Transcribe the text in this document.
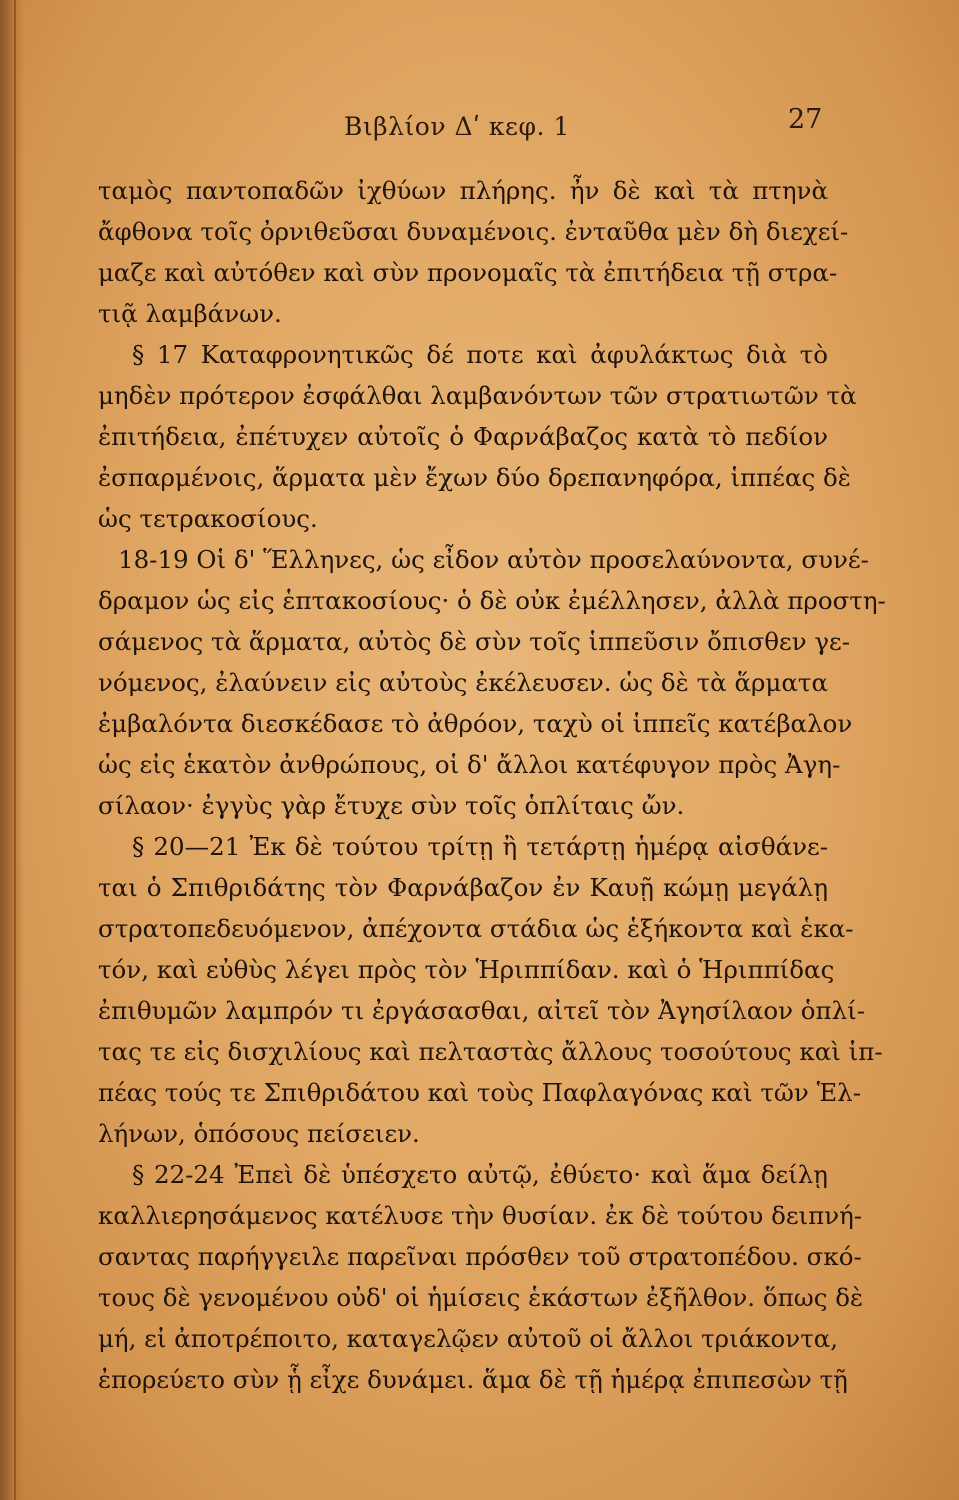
Βιβλίον Δʹ κεφ. 1	27
ταμὸς παντοπαδῶν ἰχθύων πλήρης. ἦν δὲ καὶ τὰ πτηνὰ
ἄφθονα τοῖς ὀρνιθεῦσαι δυναμένοις. ἐνταῦθα μὲν δὴ διεχεί-
μαζε καὶ αὐτόθεν καὶ σὺν προνομαῖς τὰ ἐπιτήδεια τῇ στρα-
τιᾷ λαμβάνων.
§ 17 Καταφρονητικῶς δέ ποτε καὶ ἀφυλάκτως διὰ τὸ
μηδὲν πρότερον ἐσφάλθαι λαμβανόντων τῶν στρατιωτῶν τὰ
ἐπιτήδεια, ἐπέτυχεν αὐτοῖς ὁ Φαρνάβαζος κατὰ τὸ πεδίον
ἐσπαρμένοις, ἅρματα μὲν ἔχων δύο δρεπανηφόρα, ἱππέας δὲ
ὡς τετρακοσίους.
18-19 Οἱ δ' Ἕλληνες, ὡς εἶδον αὐτὸν προσελαύνοντα, συνέ-
δραμον ὡς εἰς ἑπτακοσίους· ὁ δὲ οὐκ ἐμέλλησεν, ἀλλὰ προστη-
σάμενος τὰ ἅρματα, αὐτὸς δὲ σὺν τοῖς ἱππεῦσιν ὄπισθεν γε-
νόμενος, ἐλαύνειν εἰς αὐτοὺς ἐκέλευσεν. ὡς δὲ τὰ ἅρματα
ἐμβαλόντα διεσκέδασε τὸ ἀθρόον, ταχὺ οἱ ἱππεῖς κατέβαλον
ὡς εἰς ἑκατὸν ἀνθρώπους, οἱ δ' ἄλλοι κατέφυγον πρὸς Ἀγη-
σίλαον· ἐγγὺς γὰρ ἔτυχε σὺν τοῖς ὁπλίταις ὤν.
§ 20—21 Ἐκ δὲ τούτου τρίτῃ ἢ τετάρτῃ ἡμέρᾳ αἰσθάνε-
ται ὁ Σπιθριδάτης τὸν Φαρνάβαζον ἐν Καυῇ κώμῃ μεγάλῃ
στρατοπεδευόμενον, ἀπέχοντα στάδια ὡς ἑξήκοντα καὶ ἑκα-
τόν, καὶ εὐθὺς λέγει πρὸς τὸν Ἡριππίδαν. καὶ ὁ Ἡριππίδας
ἐπιθυμῶν λαμπρόν τι ἐργάσασθαι, αἰτεῖ τὸν Ἀγησίλαον ὁπλί-
τας τε εἰς δισχιλίους καὶ πελταστὰς ἄλλους τοσούτους καὶ ἱπ-
πέας τούς τε Σπιθριδάτου καὶ τοὺς Παφλαγόνας καὶ τῶν Ἑλ-
λήνων, ὁπόσους πείσειεν.
§ 22-24 Ἐπεὶ δὲ ὑπέσχετο αὐτῷ, ἐθύετο· καὶ ἅμα δείλῃ
καλλιερησάμενος κατέλυσε τὴν θυσίαν. ἐκ δὲ τούτου δειπνή-
σαντας παρήγγειλε παρεῖναι πρόσθεν τοῦ στρατοπέδου. σκό-
τους δὲ γενομένου οὐδ' οἱ ἡμίσεις ἑκάστων ἐξῆλθον. ὅπως δὲ
μή, εἰ ἀποτρέποιτο, καταγελῷεν αὐτοῦ οἱ ἄλλοι τριάκοντα,
ἐπορεύετο σὺν ᾗ εἶχε δυνάμει. ἅμα δὲ τῇ ἡμέρᾳ ἐπιπεσὼν τῇ
